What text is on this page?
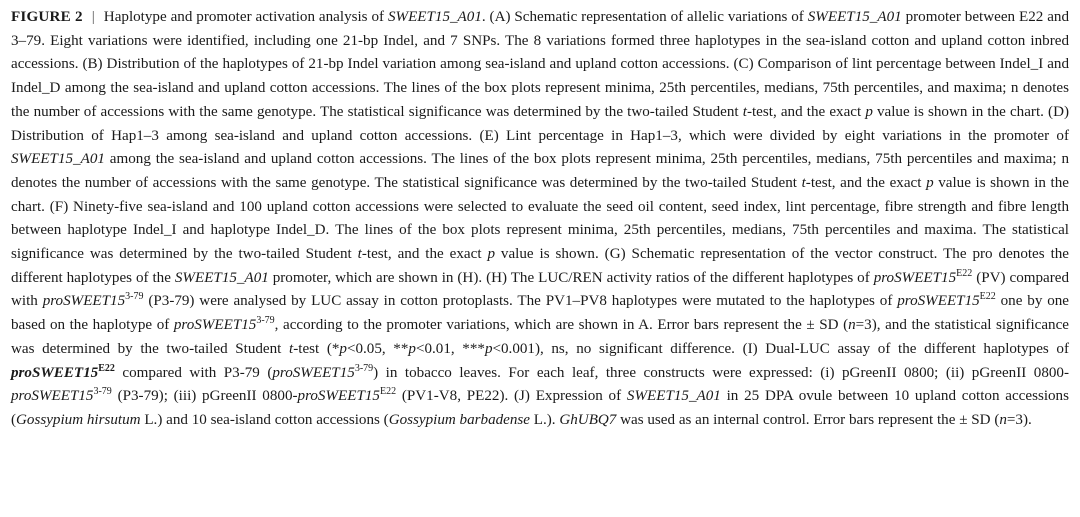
FIGURE 2 | Haplotype and promoter activation analysis of SWEET15_A01. (A) Schematic representation of allelic variations of SWEET15_A01 promoter between E22 and 3–79. Eight variations were identified, including one 21-bp Indel, and 7 SNPs. The 8 variations formed three haplotypes in the sea-island cotton and upland cotton inbred accessions. (B) Distribution of the haplotypes of 21-bp Indel variation among sea-island and upland cotton accessions. (C) Comparison of lint percentage between Indel_I and Indel_D among the sea-island and upland cotton accessions. The lines of the box plots represent minima, 25th percentiles, medians, 75th percentiles, and maxima; n denotes the number of accessions with the same genotype. The statistical significance was determined by the two-tailed Student t-test, and the exact p value is shown in the chart. (D) Distribution of Hap1–3 among sea-island and upland cotton accessions. (E) Lint percentage in Hap1–3, which were divided by eight variations in the promoter of SWEET15_A01 among the sea-island and upland cotton accessions. The lines of the box plots represent minima, 25th percentiles, medians, 75th percentiles and maxima; n denotes the number of accessions with the same genotype. The statistical significance was determined by the two-tailed Student t-test, and the exact p value is shown in the chart. (F) Ninety-five sea-island and 100 upland cotton accessions were selected to evaluate the seed oil content, seed index, lint percentage, fibre strength and fibre length between haplotype Indel_I and haplotype Indel_D. The lines of the box plots represent minima, 25th percentiles, medians, 75th percentiles and maxima. The statistical significance was determined by the two-tailed Student t-test, and the exact p value is shown. (G) Schematic representation of the vector construct. The pro denotes the different haplotypes of the SWEET15_A01 promoter, which are shown in (H). (H) The LUC/REN activity ratios of the different haplotypes of $proSWEET15^{E22}$ (PV) compared with proSWEET15$^{3-79}$ (P3-79) were analysed by LUC assay in cotton protoplasts. The PV1–PV8 haplotypes were mutated to the haplotypes of $proSWEET15^{E22}$ one by one based on the haplotype of proSWEET15$^{3-79}$, according to the promoter variations, which are shown in A. Error bars represent the ± SD (n=3), and the statistical significance was determined by the two-tailed Student t-test (*p<0.05, **p<0.01, ***p<0.001), ns, no significant difference. (I) Dual-LUC assay of the different haplotypes of $proSWEET15^{E22}$ compared with P3-79 (proSWEET15$^{3-79}$) in tobacco leaves. For each leaf, three constructs were expressed: (i) pGreenII 0800; (ii) pGreenII 0800-proSWEET15$^{3-79}$ (P3-79); (iii) pGreenII $0800-proSWEET15^{E22}$ (PV1-V8, PE22). (J) Expression of SWEET15_A01 in 25 DPA ovule between 10 upland cotton accessions (Gossypium hirsutum L.) and 10 sea-island cotton accessions (Gossypium barbadense L.). GhUBQ7 was used as an internal control. Error bars represent the ± SD (n=3).
